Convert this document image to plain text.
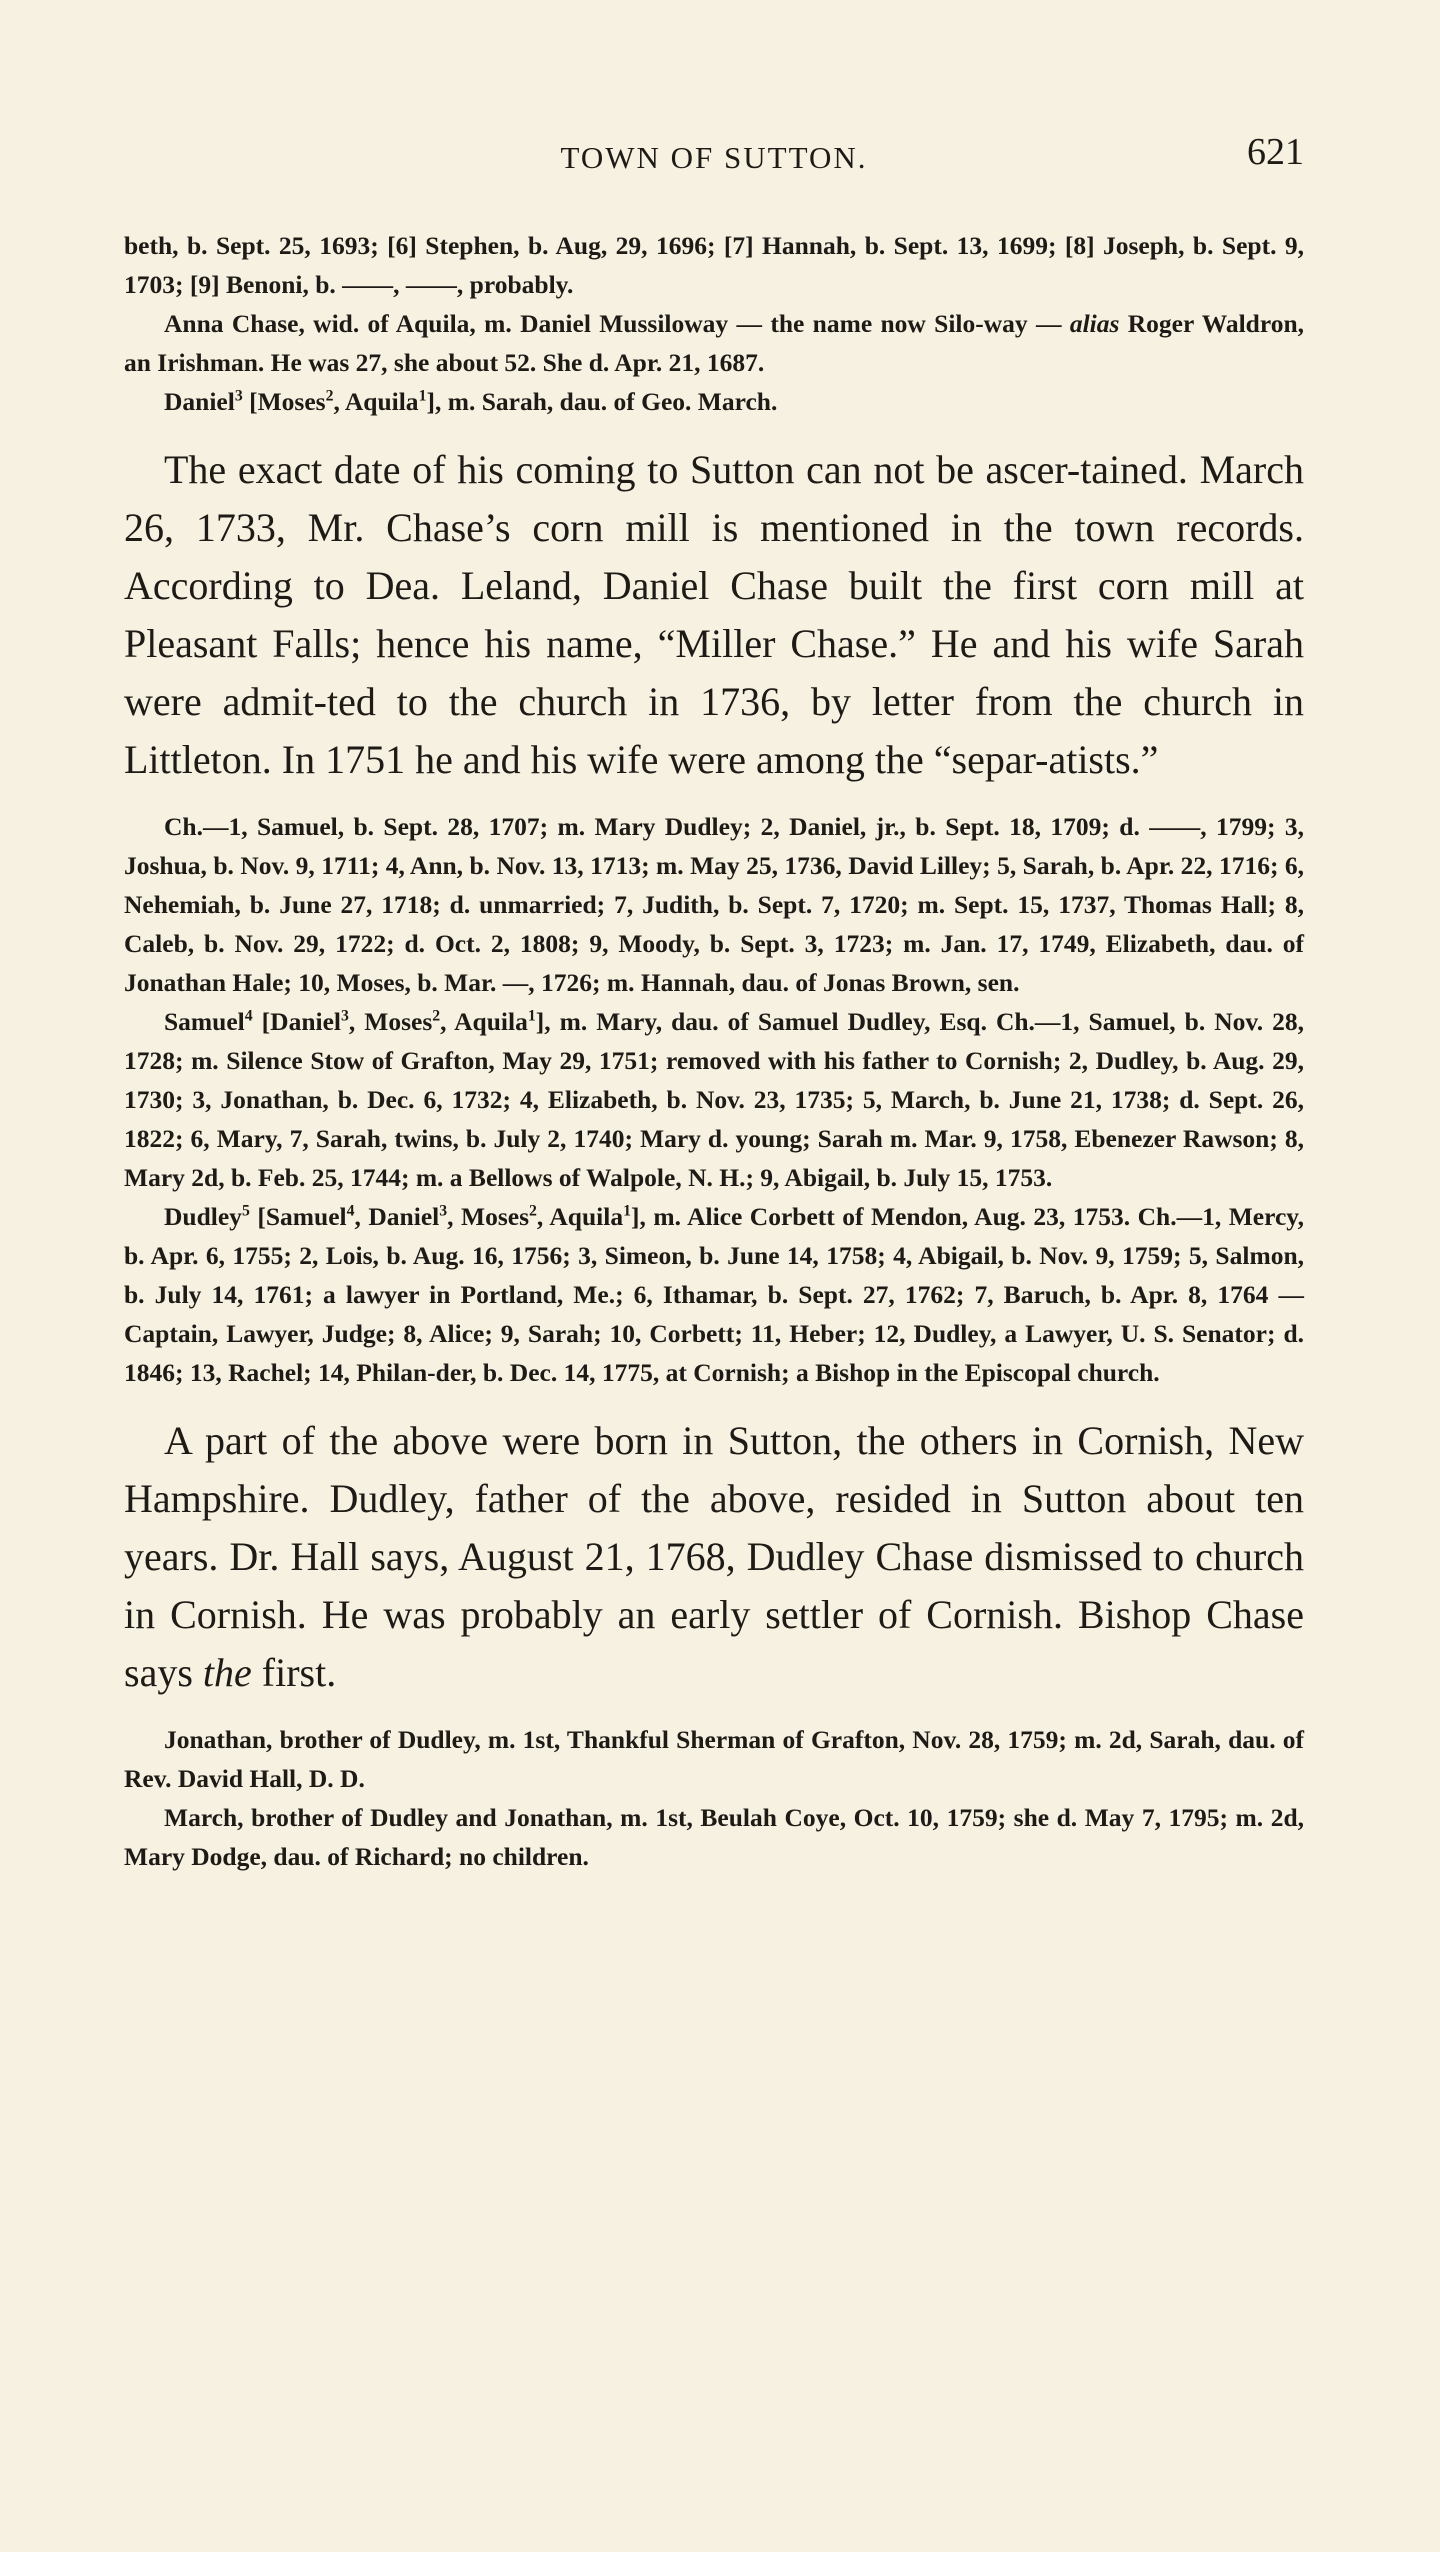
TOWN OF SUTTON.	621

beth, b. Sept. 25, 1693; [6] Stephen, b. Aug, 29, 1696; [7] Hannah, b. Sept. 13, 1699; [8] Joseph, b. Sept. 9, 1703; [9] Benoni, b. ——, ——, probably.

Anna Chase, wid. of Aquila, m. Daniel Mussiloway — the name now Silo-way — alias Roger Waldron, an Irishman. He was 27, she about 52. She d. Apr. 21, 1687.

Daniel$^3$ [Moses$^2$, Aquila$^1$], m. Sarah, dau. of Geo. March.

The exact date of his coming to Sutton can not be ascer-tained. March 26, 1733, Mr. Chase’s corn mill is mentioned in the town records. According to Dea. Leland, Daniel Chase built the first corn mill at Pleasant Falls; hence his name, “Miller Chase.” He and his wife Sarah were admit-ted to the church in 1736, by letter from the church in Littleton. In 1751 he and his wife were among the “separ-atists.”

Ch.—1, Samuel, b. Sept. 28, 1707; m. Mary Dudley; 2, Daniel, jr., b. Sept. 18, 1709; d. ——, 1799; 3, Joshua, b. Nov. 9, 1711; 4, Ann, b. Nov. 13, 1713; m. May 25, 1736, David Lilley; 5, Sarah, b. Apr. 22, 1716; 6, Nehemiah, b. June 27, 1718; d. unmarried; 7, Judith, b. Sept. 7, 1720; m. Sept. 15, 1737, Thomas Hall; 8, Caleb, b. Nov. 29, 1722; d. Oct. 2, 1808; 9, Moody, b. Sept. 3, 1723; m. Jan. 17, 1749, Elizabeth, dau. of Jonathan Hale; 10, Moses, b. Mar. —, 1726; m. Hannah, dau. of Jonas Brown, sen.

Samuel$^4$ [Daniel$^3$, Moses$^2$, Aquila$^1$], m. Mary, dau. of Samuel Dudley, Esq. Ch.—1, Samuel, b. Nov. 28, 1728; m. Silence Stow of Grafton, May 29, 1751; removed with his father to Cornish; 2, Dudley, b. Aug. 29, 1730; 3, Jonathan, b. Dec. 6, 1732; 4, Elizabeth, b. Nov. 23, 1735; 5, March, b. June 21, 1738; d. Sept. 26, 1822; 6, Mary, 7, Sarah, twins, b. July 2, 1740; Mary d. young; Sarah m. Mar. 9, 1758, Ebenezer Rawson; 8, Mary 2d, b. Feb. 25, 1744; m. a Bellows of Walpole, N. H.; 9, Abigail, b. July 15, 1753.

Dudley$^5$ [Samuel$^4$, Daniel$^3$, Moses$^2$, Aquila$^1$], m. Alice Corbett of Mendon, Aug. 23, 1753. Ch.—1, Mercy, b. Apr. 6, 1755; 2, Lois, b. Aug. 16, 1756; 3, Simeon, b. June 14, 1758; 4, Abigail, b. Nov. 9, 1759; 5, Salmon, b. July 14, 1761; a lawyer in Portland, Me.; 6, Ithamar, b. Sept. 27, 1762; 7, Baruch, b. Apr. 8, 1764 — Captain, Lawyer, Judge; 8, Alice; 9, Sarah; 10, Corbett; 11, Heber; 12, Dudley, a Lawyer, U. S. Senator; d. 1846; 13, Rachel; 14, Philan-der, b. Dec. 14, 1775, at Cornish; a Bishop in the Episcopal church.

A part of the above were born in Sutton, the others in Cornish, New Hampshire. Dudley, father of the above, resided in Sutton about ten years. Dr. Hall says, August 21, 1768, Dudley Chase dismissed to church in Cornish. He was probably an early settler of Cornish. Bishop Chase says the first.

Jonathan, brother of Dudley, m. 1st, Thankful Sherman of Grafton, Nov. 28, 1759; m. 2d, Sarah, dau. of Rev. David Hall, D. D.

March, brother of Dudley and Jonathan, m. 1st, Beulah Coye, Oct. 10, 1759; she d. May 7, 1795; m. 2d, Mary Dodge, dau. of Richard; no children.
